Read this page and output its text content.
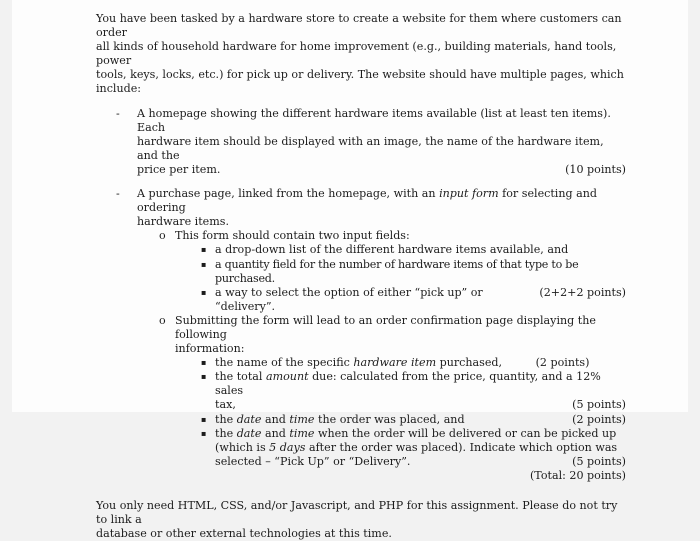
You have been tasked by a hardware store to create a website for them where customers can order

all kinds of household hardware for home improvement (e.g., building materials, hand tools, power

tools, keys, locks, etc.) for pick up or delivery. The website should have multiple pages, which include:

- A homepage showing the different hardware items available (list at least ten items). Each

hardware item should be displayed with an image, the name of the hardware item, and the

price per item.	(10 points)
- A purchase page, linked from the homepage, with an input form for selecting and ordering

hardware items.

o This form should contain two input fields:

▪ a drop-down list of the different hardware items available, and

▪ a quantity field for the number of hardware items of that type to be purchased.

▪ a way to select the option of either “pick up” or “delivery”.
(2+2+2 points)
o Submitting the form will lead to an order confirmation page displaying the following

information:

▪ the name of the specific hardware item purchased,	(2 points)

▪ the total amount due: calculated from the price, quantity, and a 12% sales

tax,	(5 points)
▪ the date and time the order was placed, and	(2 points)
▪ the date and time when the order will be delivered or can be picked up

(which is 5 days after the order was placed). Indicate which option was

selected – “Pick Up” or “Delivery”.	(5 points)

(Total: 20 points)

You only need HTML, CSS, and/or Javascript, and PHP for this assignment. Please do not try to link a

database or other external technologies at this time.
